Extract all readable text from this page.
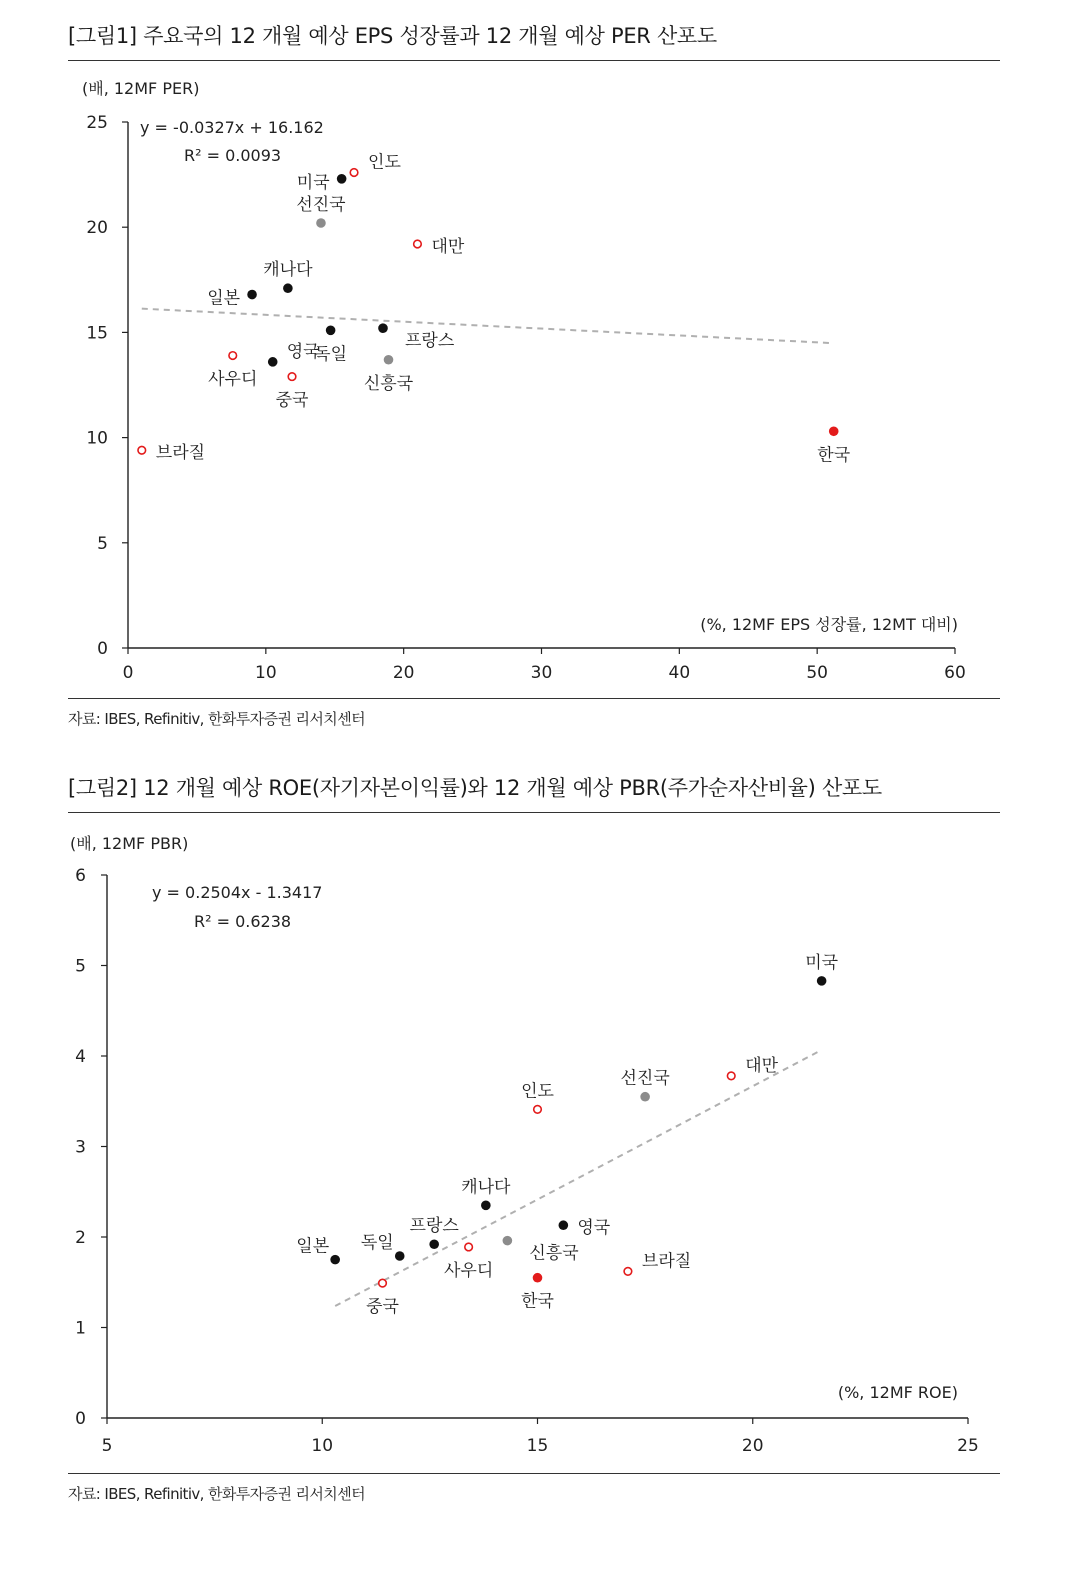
[그림1] 주요국의 12 개월 예상 EPS 성장률과 12 개월 예상 PER 산포도
0
5
10
15
20
25
0	10	20	30	40	50	60
(배, 12MF PER)
(%, 12MF EPS 성장률, 12MT 대비)
y = -0.0327x + 16.162
R² = 0.0093
미국
인도
선진국
대만
캐나다
일본
독일
프랑스
영국
사우디	신흥국
중국
브라질	한국
자료: IBES, Refinitiv, 한화투자증권 리서치센터
[그림2] 12 개월 예상 ROE(자기자본이익률)와 12 개월 예상 PBR(주가순자산비율) 산포도
0
1
2
3
4
5
6
5	10	15	20	25
(배, 12MF PBR)
(%, 12MF ROE)
y = 0.2504x - 1.3417
R² = 0.6238
미국
대만
선진국
인도
캐나다
영국
프랑스
사우디
신흥국
독일
일본
브라질
한국
중국
자료: IBES, Refinitiv, 한화투자증권 리서치센터
